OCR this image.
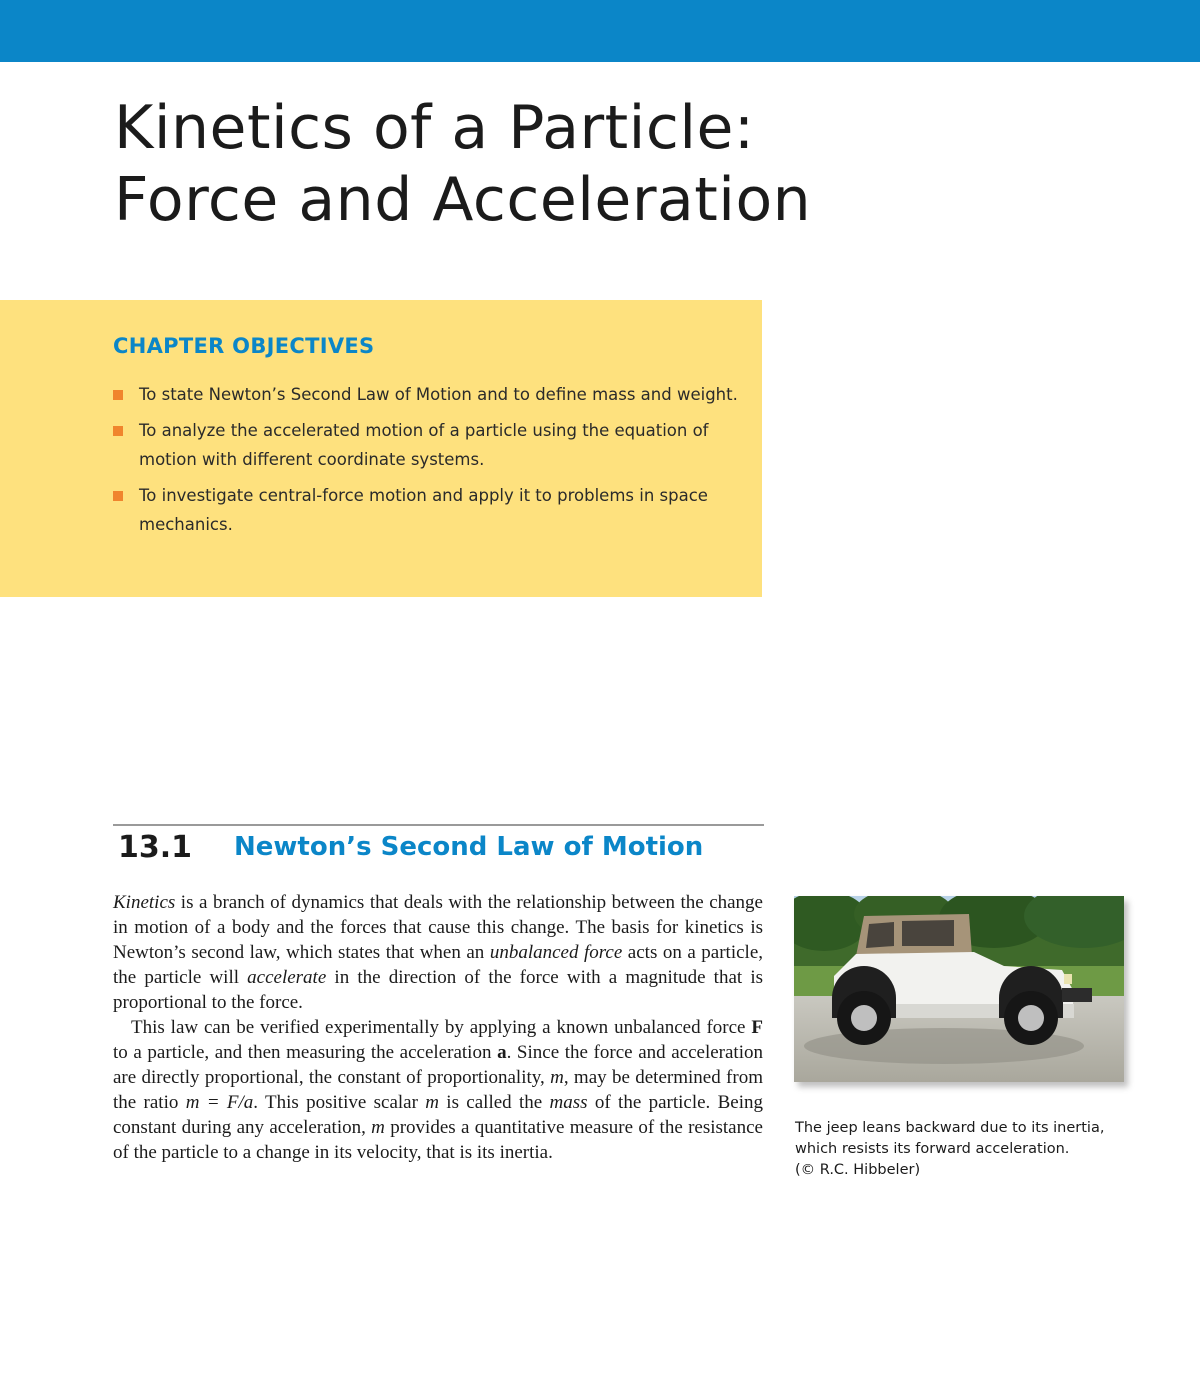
Kinetics of a Particle:
Force and Acceleration
CHAPTER OBJECTIVES
To state Newton’s Second Law of Motion and to define mass and weight.
To analyze the accelerated motion of a particle using the equation of motion with different coordinate systems.
To investigate central-force motion and apply it to problems in space mechanics.
13.1 Newton’s Second Law of Motion

Kinetics is a branch of dynamics that deals with the relationship between the change in motion of a body and the forces that cause this change. The basis for kinetics is Newton’s second law, which states that when an unbalanced force acts on a particle, the particle will accelerate in the direction of the force with a magnitude that is proportional to the force.

This law can be verified experimentally by applying a known unbalanced force F to a particle, and then measuring the acceleration a. Since the force and acceleration are directly proportional, the constant of proportionality, m, may be determined from the ratio m = F/a. This positive scalar m is called the mass of the particle. Being constant during any acceleration, m provides a quantitative measure of the resistance of the particle to a change in its velocity, that is its inertia.

The jeep leans backward due to its inertia,
which resists its forward acceleration.
(© R.C. Hibbeler)
